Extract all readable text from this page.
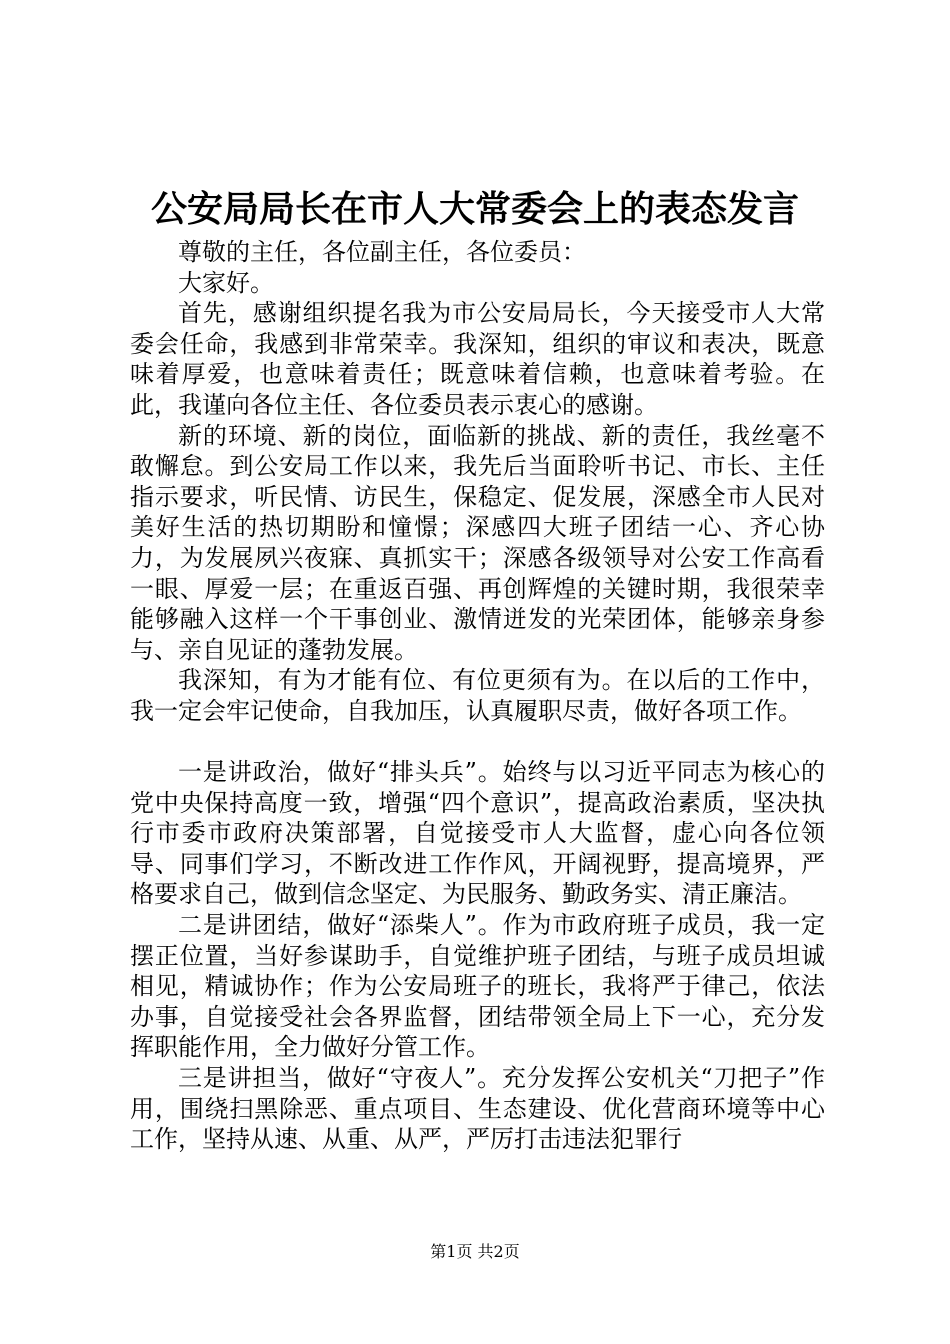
公安局局长在市人大常委会上的表态发言

尊敬的主任，各位副主任，各位委员：

大家好。

首先，感谢组织提名我为市公安局局长，今天接受市人大常委会任命，我感到非常荣幸。我深知，组织的审议和表决，既意味着厚爱，也意味着责任；既意味着信赖，也意味着考验。在此，我谨向各位主任、各位委员表示衷心的感谢。

新的环境、新的岗位，面临新的挑战、新的责任，我丝毫不敢懈怠。到公安局工作以来，我先后当面聆听书记、市长、主任指示要求，听民情、访民生，保稳定、促发展，深感全市人民对美好生活的热切期盼和憧憬；深感四大班子团结一心、齐心协力，为发展夙兴夜寐、真抓实干；深感各级领导对公安工作高看一眼、厚爱一层；在重返百强、再创辉煌的关键时期，我很荣幸能够融入这样一个干事创业、激情迸发的光荣团体，能够亲身参与、亲自见证的蓬勃发展。

我深知，有为才能有位、有位更须有为。在以后的工作中，我一定会牢记使命，自我加压，认真履职尽责，做好各项工作。

一是讲政治，做好“排头兵”。始终与以习近平同志为核心的党中央保持高度一致，增强“四个意识”，提高政治素质，坚决执行市委市政府决策部署，自觉接受市人大监督，虚心向各位领导、同事们学习，不断改进工作作风，开阔视野，提高境界，严格要求自己，做到信念坚定、为民服务、勤政务实、清正廉洁。

二是讲团结，做好“添柴人”。作为市政府班子成员，我一定摆正位置，当好参谋助手，自觉维护班子团结，与班子成员坦诚相见，精诚协作；作为公安局班子的班长，我将严于律己，依法办事，自觉接受社会各界监督，团结带领全局上下一心，充分发挥职能作用，全力做好分管工作。

三是讲担当，做好“守夜人”。充分发挥公安机关“刀把子”作用，围绕扫黑除恶、重点项目、生态建设、优化营商环境等中心工作，坚持从速、从重、从严，严厉打击违法犯罪行

第1页 共2页
